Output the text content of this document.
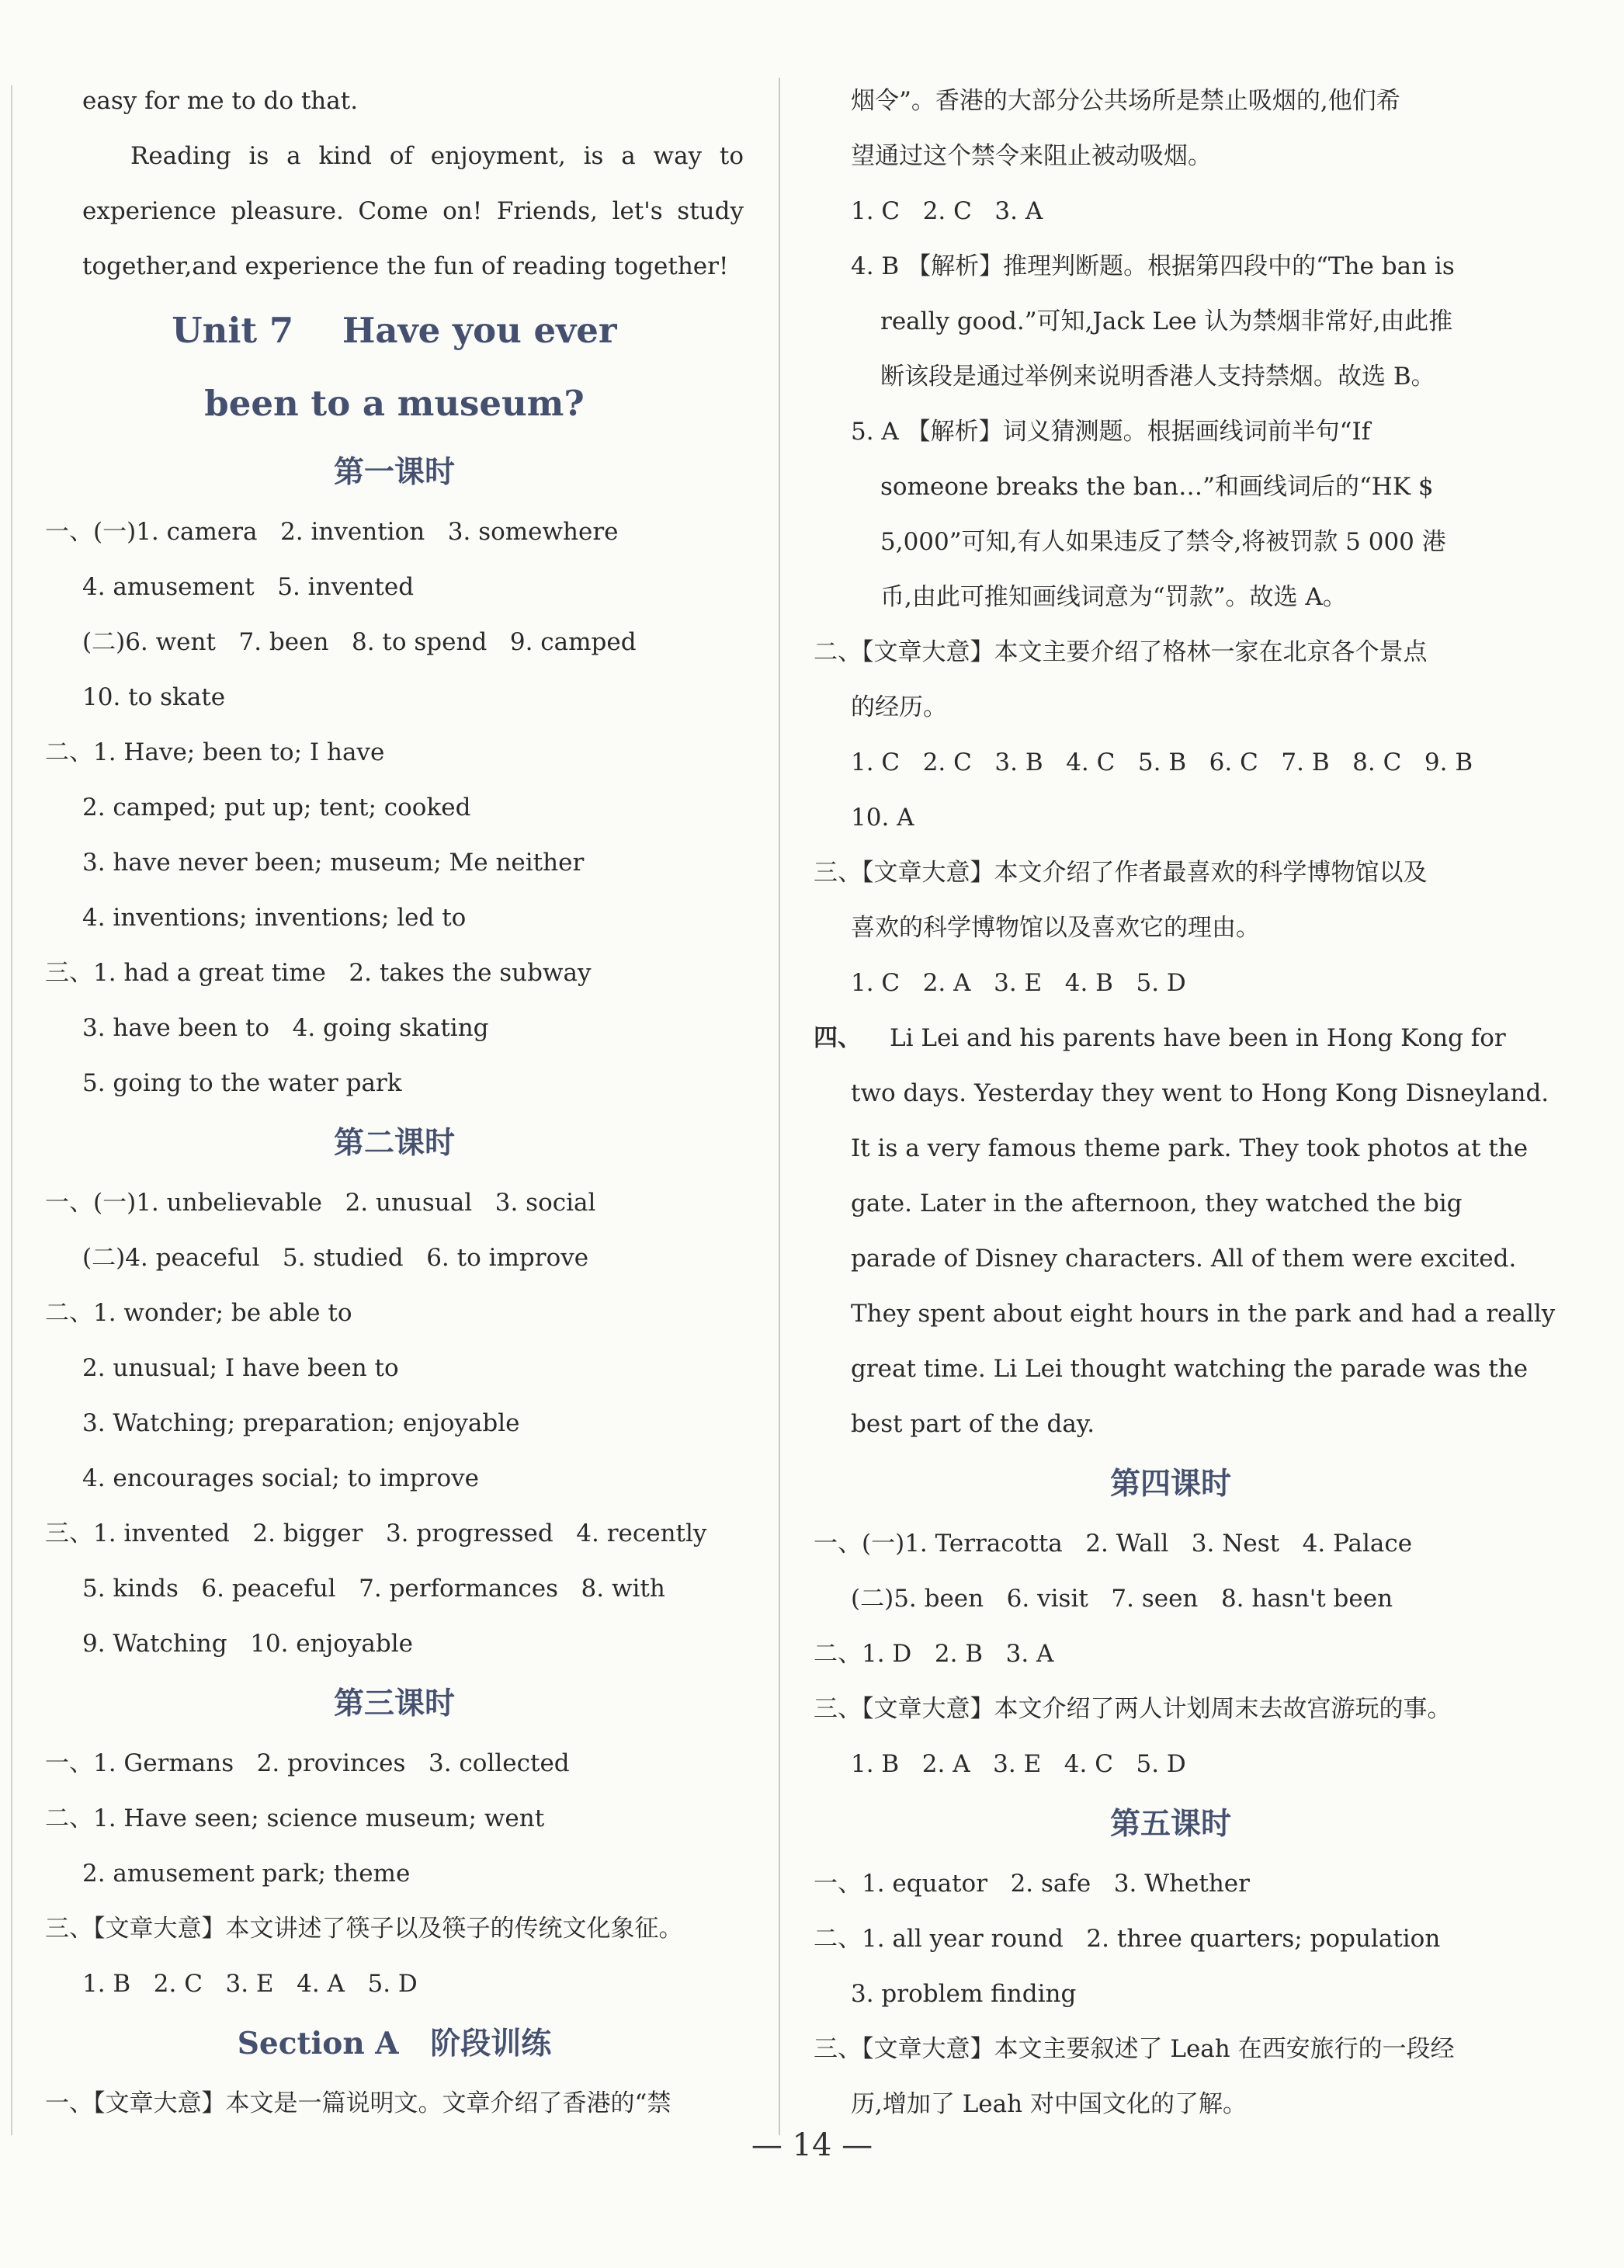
easy for me to do that.

Reading is a kind of enjoyment, is a way to

experience pleasure. Come on! Friends, let's study

together,and experience the fun of reading together!

Unit 7    Have you ever

been to a museum?

第一课时

一、(一)1. camera   2. invention   3. somewhere

4. amusement   5. invented

(二)6. went   7. been   8. to spend   9. camped

10. to skate

二、1. Have; been to; I have

2. camped; put up; tent; cooked

3. have never been; museum; Me neither

4. inventions; inventions; led to

三、1. had a great time   2. takes the subway

3. have been to   4. going skating

5. going to the water park

第二课时

一、(一)1. unbelievable   2. unusual   3. social

(二)4. peaceful   5. studied   6. to improve

二、1. wonder; be able to

2. unusual; I have been to

3. Watching; preparation; enjoyable

4. encourages social; to improve

三、1. invented   2. bigger   3. progressed   4. recently

5. kinds   6. peaceful   7. performances   8. with

9. Watching   10. enjoyable

第三课时

一、1. Germans   2. provinces   3. collected

二、1. Have seen; science museum; went

2. amusement park; theme

三、【文章大意】本文讲述了筷子以及筷子的传统文化象征。

1. B   2. C   3. E   4. A   5. D

Section A   阶段训练

一、【文章大意】本文是一篇说明文。文章介绍了香港的“禁

烟令”。香港的大部分公共场所是禁止吸烟的,他们希

望通过这个禁令来阻止被动吸烟。

1. C   2. C   3. A

4. B 【解析】推理判断题。根据第四段中的“The ban is

really good.”可知,Jack Lee 认为禁烟非常好,由此推

断该段是通过举例来说明香港人支持禁烟。故选 B。

5. A 【解析】词义猜测题。根据画线词前半句“If

someone breaks the ban…”和画线词后的“HK $

5,000”可知,有人如果违反了禁令,将被罚款 5 000 港

币,由此可推知画线词意为“罚款”。故选 A。

二、【文章大意】本文主要介绍了格林一家在北京各个景点

的经历。

1. C   2. C   3. B   4. C   5. B   6. C   7. B   8. C   9. B

10. A

三、【文章大意】本文介绍了作者最喜欢的科学博物馆以及

喜欢的科学博物馆以及喜欢它的理由。

1. C   2. A   3. E   4. B   5. D

四、 Li Lei and his parents have been in Hong Kong for

two days. Yesterday they went to Hong Kong Disneyland.

It is a very famous theme park. They took photos at the

gate. Later in the afternoon, they watched the big

parade of Disney characters. All of them were excited.

They spent about eight hours in the park and had a really

great time. Li Lei thought watching the parade was the

best part of the day.

第四课时

一、(一)1. Terracotta   2. Wall   3. Nest   4. Palace

(二)5. been   6. visit   7. seen   8. hasn't been

二、1. D   2. B   3. A

三、【文章大意】本文介绍了两人计划周末去故宫游玩的事。

1. B   2. A   3. E   4. C   5. D

第五课时

一、1. equator   2. safe   3. Whether

二、1. all year round   2. three quarters; population

3. problem finding

三、【文章大意】本文主要叙述了 Leah 在西安旅行的一段经

历,增加了 Leah 对中国文化的了解。

— 14 —
